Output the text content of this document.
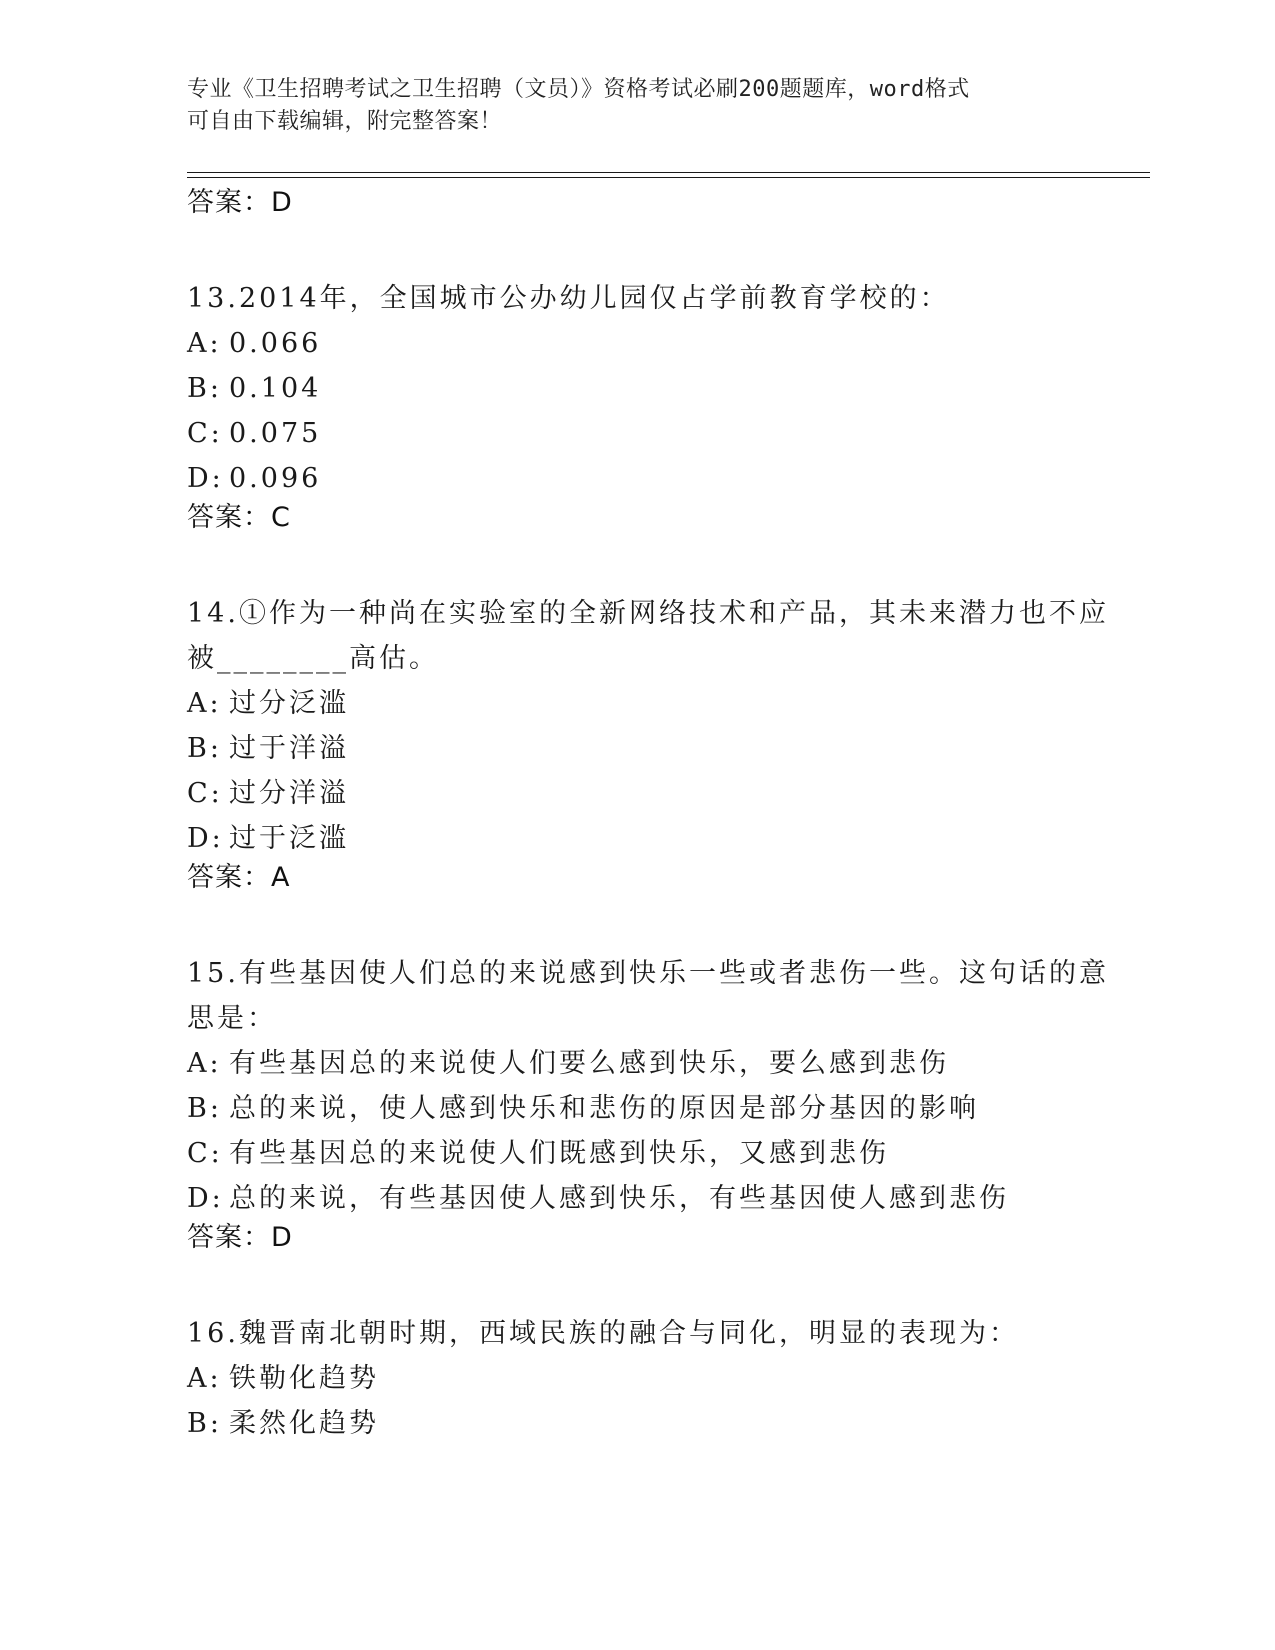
专业《卫生招聘考试之卫生招聘（文员）》资格考试必刷200题题库，word格式
可自由下载编辑，附完整答案！
答案：D
13.2014年，全国城市公办幼儿园仅占学前教育学校的：
A: 0.066
B: 0.104
C: 0.075
D: 0.096
答案：C
14.①作为一种尚在实验室的全新网络技术和产品，其未来潜力也不应
被________高估。
A: 过分泛滥
B: 过于洋溢
C: 过分洋溢
D: 过于泛滥
答案：A
15.有些基因使人们总的来说感到快乐一些或者悲伤一些。这句话的意
思是：
A: 有些基因总的来说使人们要么感到快乐，要么感到悲伤
B: 总的来说，使人感到快乐和悲伤的原因是部分基因的影响
C: 有些基因总的来说使人们既感到快乐，又感到悲伤
D: 总的来说，有些基因使人感到快乐，有些基因使人感到悲伤
答案：D
16.魏晋南北朝时期，西域民族的融合与同化，明显的表现为：
A: 铁勒化趋势
B: 柔然化趋势
